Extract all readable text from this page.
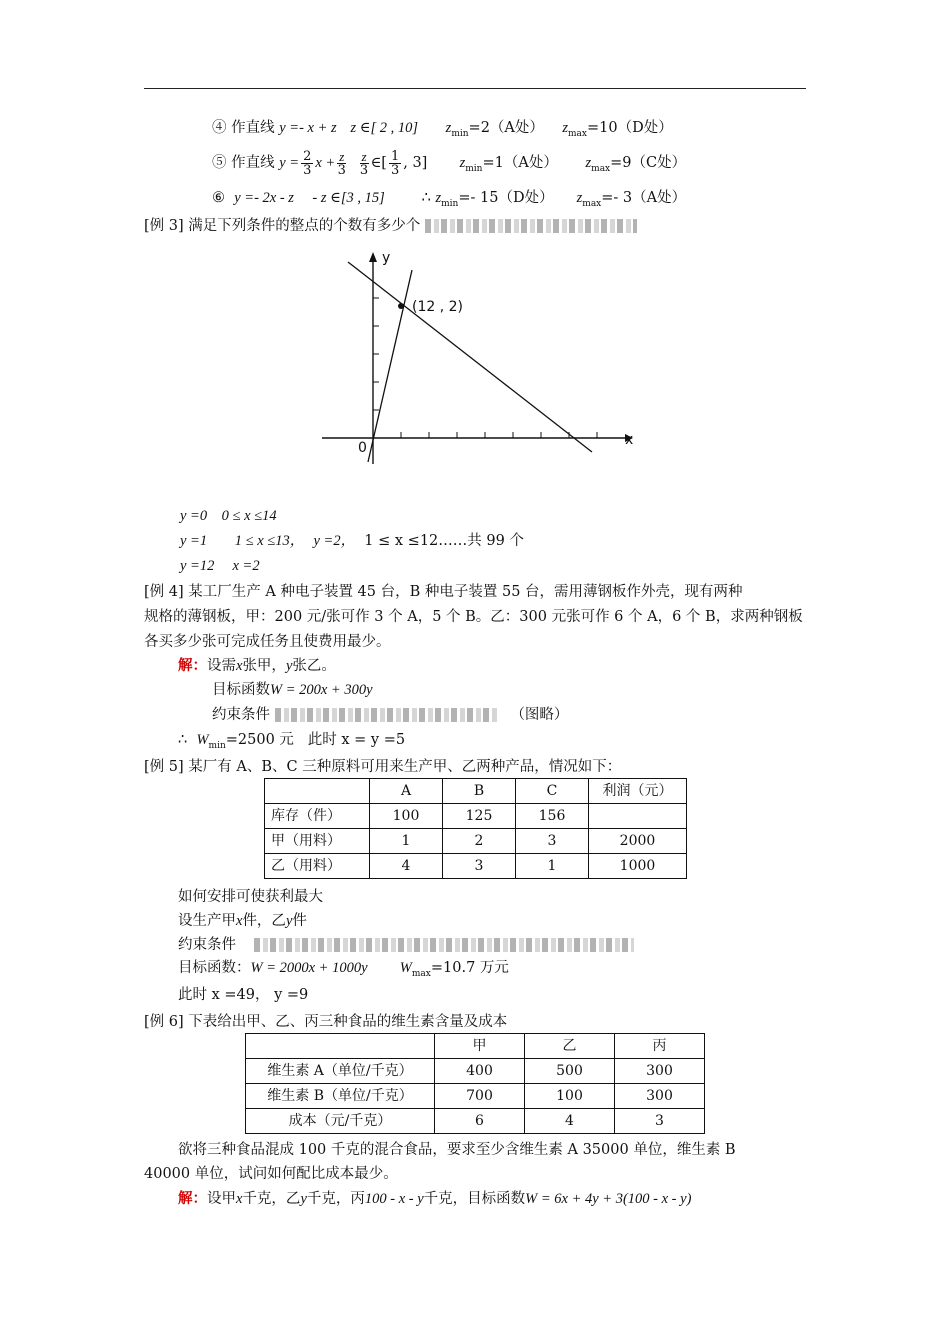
④ 作直线 y =- x + z z ∈[ 2 , 10] $z_{min}=2(A$处） $z_{max}=10(D$处）
⑤ 作直线 $y = \frac{2}{3}$ $x + \frac{z}{3}$
$\frac{z}{3}$ ∈[ $\frac{1}{3}$ , 3] $z_{min}=1(A$处） $z_{max}=9(C$处）
⑥ y =- 2x - z - z ∈[3 , 15]	∴ $z_{min}=-$ 15（D处） $z_{max}=-$ 3（A处）
[例 3] 满足下列条件的整点的个数有多少个
(12 , 2)
y
x
0
y =0 0 ≤ x ≤14
y =1 1 ≤ x ≤13， y =2， 1 ≤ x ≤12……共 99 个
y =12 x =2
[例 4] 某工厂生产 A 种电子装置 45 台，B 种电子装置 55 台，需用薄钢板作外壳，现有两种
规格的薄钢板，甲：200 元/张可作 3 个 A，5 个 B。乙：300 元张可作 6 个 A，6 个 B，求两种钢板
各买多少张可完成任务且使费用最少。
解：设需x张甲，y张乙。
目标函数W = 200x + 300y
约束条件	（图略）
∴ $W_{min}=2500$ 元 此时 x = y =5
[例 5] 某厂有 A、B、C 三种原料可用来生产甲、乙两种产品，情况如下：
	A	B	C	利润（元）
库存（件）	100	125	156	
甲（用料）	1	2	3	2000
乙（用料）	4	3	1	1000
如何安排可使获利最大
设生产甲x件，乙y件
约束条件
目标函数：W = 2000x + 1000y $W_{max}=10.7$ 万元
此时 x =49， y =9
[例 6] 下表给出甲、乙、丙三种食品的维生素含量及成本
	甲	乙	丙
维生素 A（单位/千克）	400	500	300
维生素 B（单位/千克）	700	100	300
成本（元/千克）	6	4	3
欲将三种食品混成 100 千克的混合食品，要求至少含维生素 A 35000 单位，维生素 B
40000 单位，试问如何配比成本最少。
解：设甲x千克，乙y千克，丙100 - x - y千克，目标函数W = 6x + 4y + 3(100 - x - y)
